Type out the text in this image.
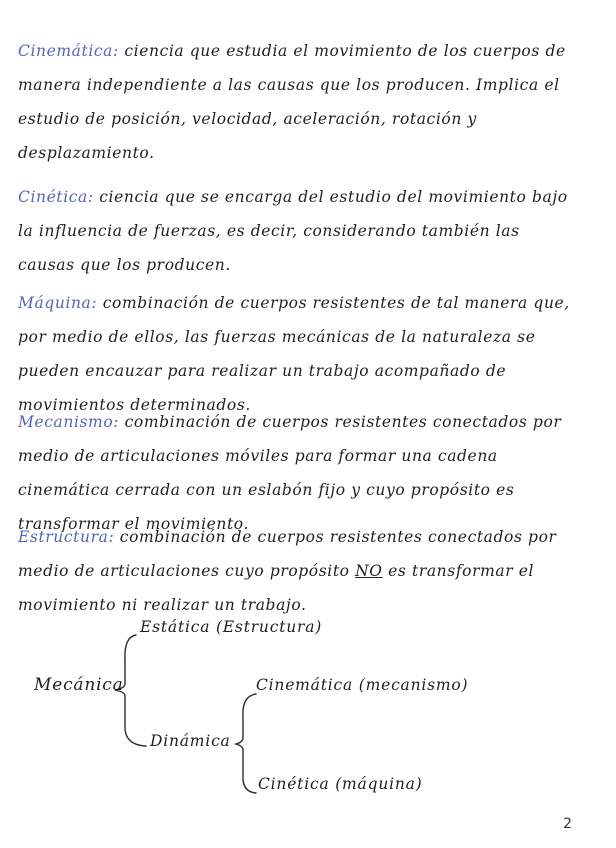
Cinemática: ciencia que estudia el movimiento de los cuerpos de manera independiente a las causas que los producen. Implica el estudio de posición, velocidad, aceleración, rotación y desplazamiento.

Cinética: ciencia que se encarga del estudio del movimiento bajo la influencia de fuerzas, es decir, considerando también las causas que los producen.

Máquina: combinación de cuerpos resistentes de tal manera que, por medio de ellos, las fuerzas mecánicas de la naturaleza se pueden encauzar para realizar un trabajo acompañado de movimientos determinados.

Mecanismo: combinación de cuerpos resistentes conectados por medio de articulaciones móviles para formar una cadena cinemática cerrada con un eslabón fijo y cuyo propósito es transformar el movimiento.

Estructura: combinación de cuerpos resistentes conectados por medio de articulaciones cuyo propósito NO es transformar el movimiento ni realizar un trabajo.

Mecánica
Estática (Estructura)
Dinámica
Cinemática (mecanismo)
Cinética (máquina)
2
